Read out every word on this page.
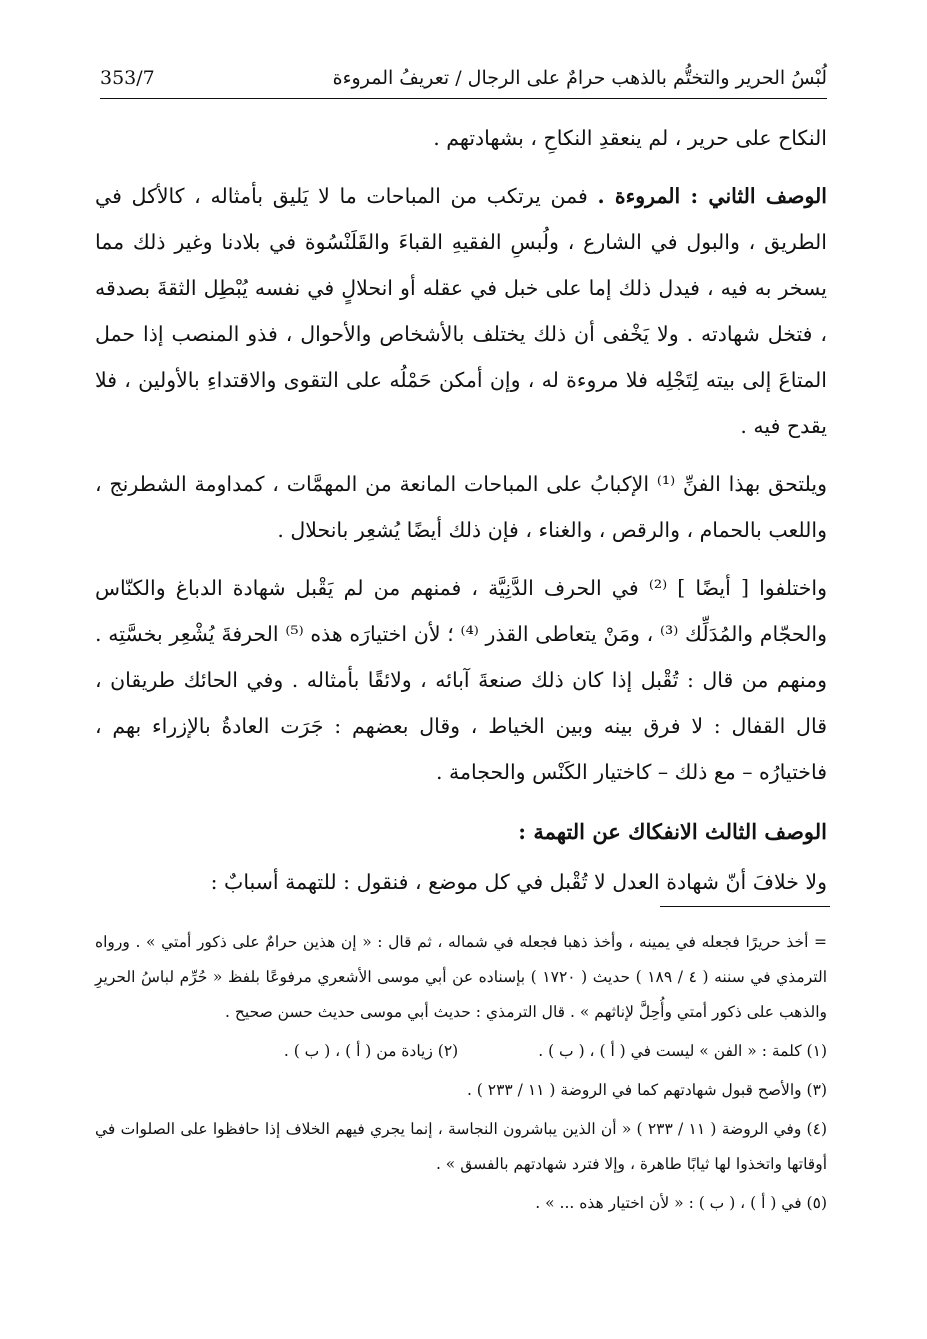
لُبْسُ الحرير والتختُّم بالذهب حرامٌ على الرجال / تعريفُ المروءة
353/7

النكاح على حرير ، لم ينعقدِ النكاحِ ، بشهادتهم .

الوصف الثاني : المروءة . فمن يرتكب من المباحات ما لا يَليق بأمثاله ، كالأكل في الطريق ، والبول في الشارع ، ولُبسِ الفقيهِ القباءَ والقَلَنْسُوة في بلادنا وغير ذلك مما يسخر به فيه ، فيدل ذلك إما على خبل في عقله أو انحلالٍ في نفسه يُبْطِل الثقةَ بصدقه ، فتخل شهادته . ولا يَخْفى أن ذلك يختلف بالأشخاص والأحوال ، فذو المنصب إذا حمل المتاعَ إلى بيته لِتَجْلِه فلا مروءة له ، وإن أمكن حَمْلُه على التقوى والاقتداءِ بالأولين ، فلا يقدح فيه .

ويلتحق بهذا الفنِّ ⁽¹⁾ الإكبابُ على المباحات المانعة من المهمَّات ، كمداومة الشطرنج ، واللعب بالحمام ، والرقص ، والغناء ، فإن ذلك أيضًا يُشعِر بانحلال .

واختلفوا [ أيضًا ] ⁽²⁾ في الحرف الدَّنِيَّة ، فمنهم من لم يَقْبل شهادة الدباغ والكنّاس والحجّام والمُدَلِّك ⁽³⁾ ، ومَنْ يتعاطى القذر ⁽⁴⁾ ؛ لأن اختيارَه هذه ⁽⁵⁾ الحرفةَ يُشْعِر بخسَّتِه . ومنهم من قال : تُقْبل إذا كان ذلك صنعةَ آبائه ، ولائقًا بأمثاله . وفي الحائك طريقان ، قال القفال : لا فرق بينه وبين الخياط ، وقال بعضهم : جَرَت العادةُ بالإزراء بهم ، فاختيارُه – مع ذلك – كاختيار الكَنْس والحجامة .

الوصف الثالث الانفكاك عن التهمة :

ولا خلافَ أنّ شهادة العدل لا تُقْبل في كل موضع ، فنقول : للتهمة أسبابٌ :

= أخذ حريرًا فجعله في يمينه ، وأخذ ذهبا فجعله في شماله ، ثم قال : « إن هذين حرامٌ على ذكور أمتي » . ورواه الترمذي في سننه ( ٤ / ١٨٩ ) حديث ( ١٧٢٠ ) بإسناده عن أبي موسى الأشعري مرفوعًا بلفظ « حُرِّم لباسُ الحريرِ والذهب على ذكور أمتي وأُحِلَّ لإناثهم » . قال الترمذي : حديث أبي موسى حديث حسن صحيح .

(١) كلمة : « الفن » ليست في ( أ ) ، ( ب ) .
(٢) زيادة من ( أ ) ، ( ب ) .

(٣) والأصح قبول شهادتهم كما في الروضة ( ١١ / ٢٣٣ ) .

(٤) وفي الروضة ( ١١ / ٢٣٣ ) « أن الذين يباشرون النجاسة ، إنما يجري فيهم الخلاف إذا حافظوا على الصلوات في أوقاتها واتخذوا لها ثيابًا طاهرة ، وإلا فترد شهادتهم بالفسق » .

(٥) في ( أ ) ، ( ب ) : « لأن اختيار هذه ... » .
